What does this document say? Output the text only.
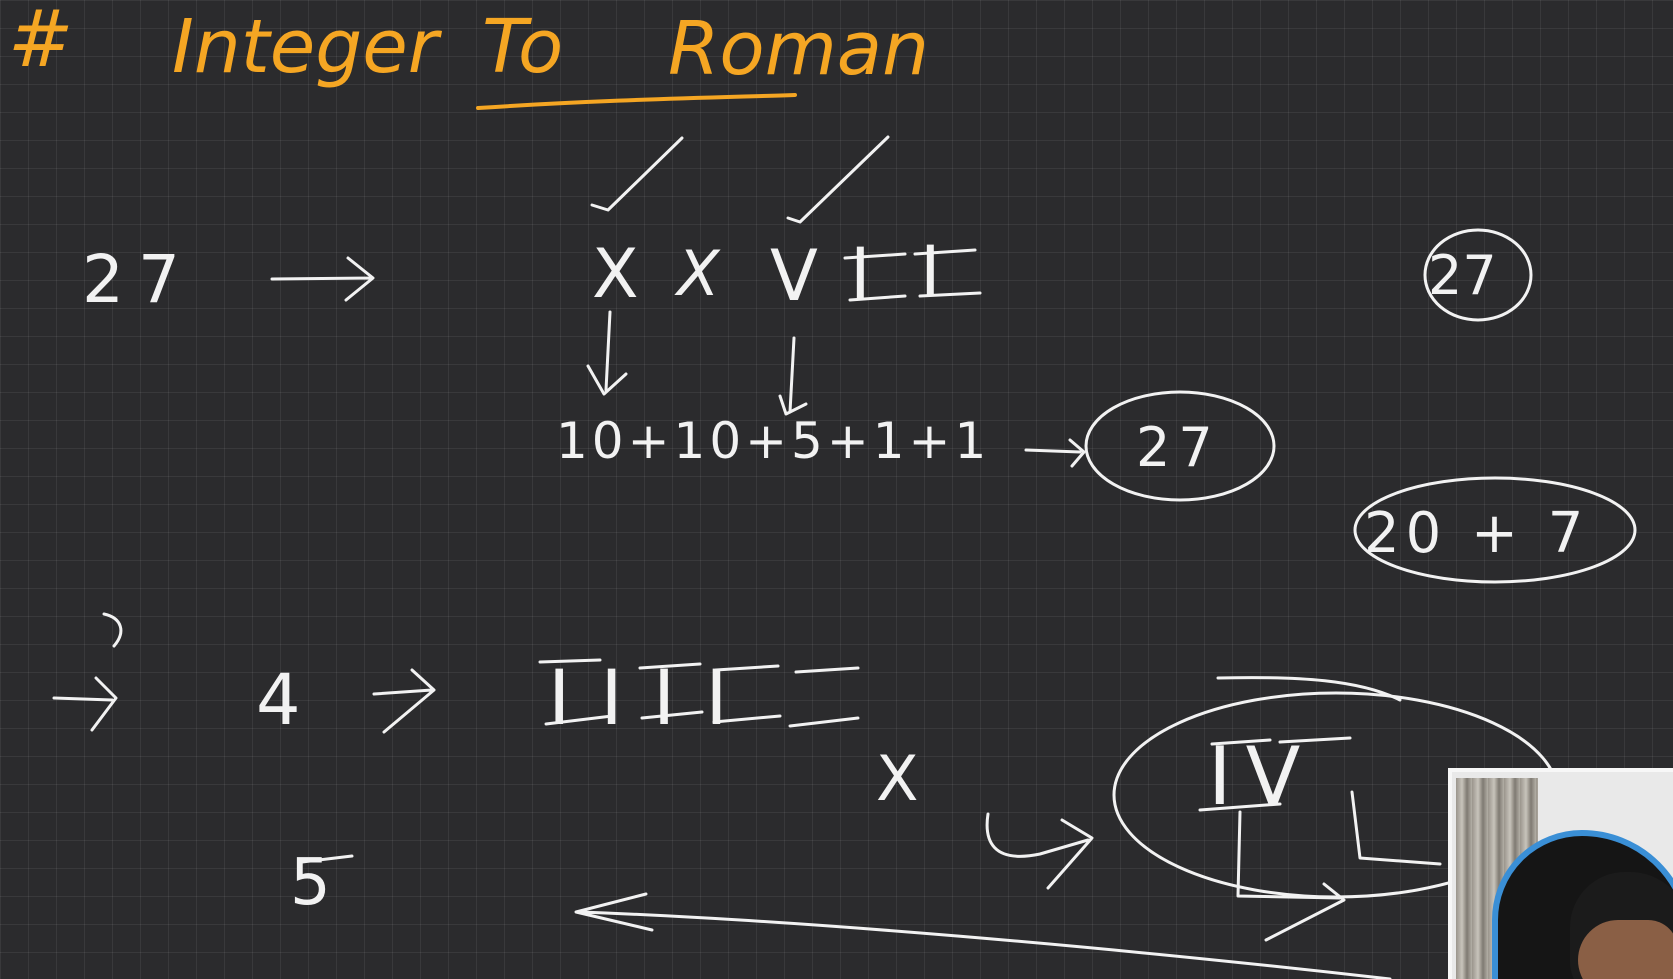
# Integer To Roman
27	X X V I I
10+10+5+1+1	27
27
20 + 7
4	IIII
X	IV
5
